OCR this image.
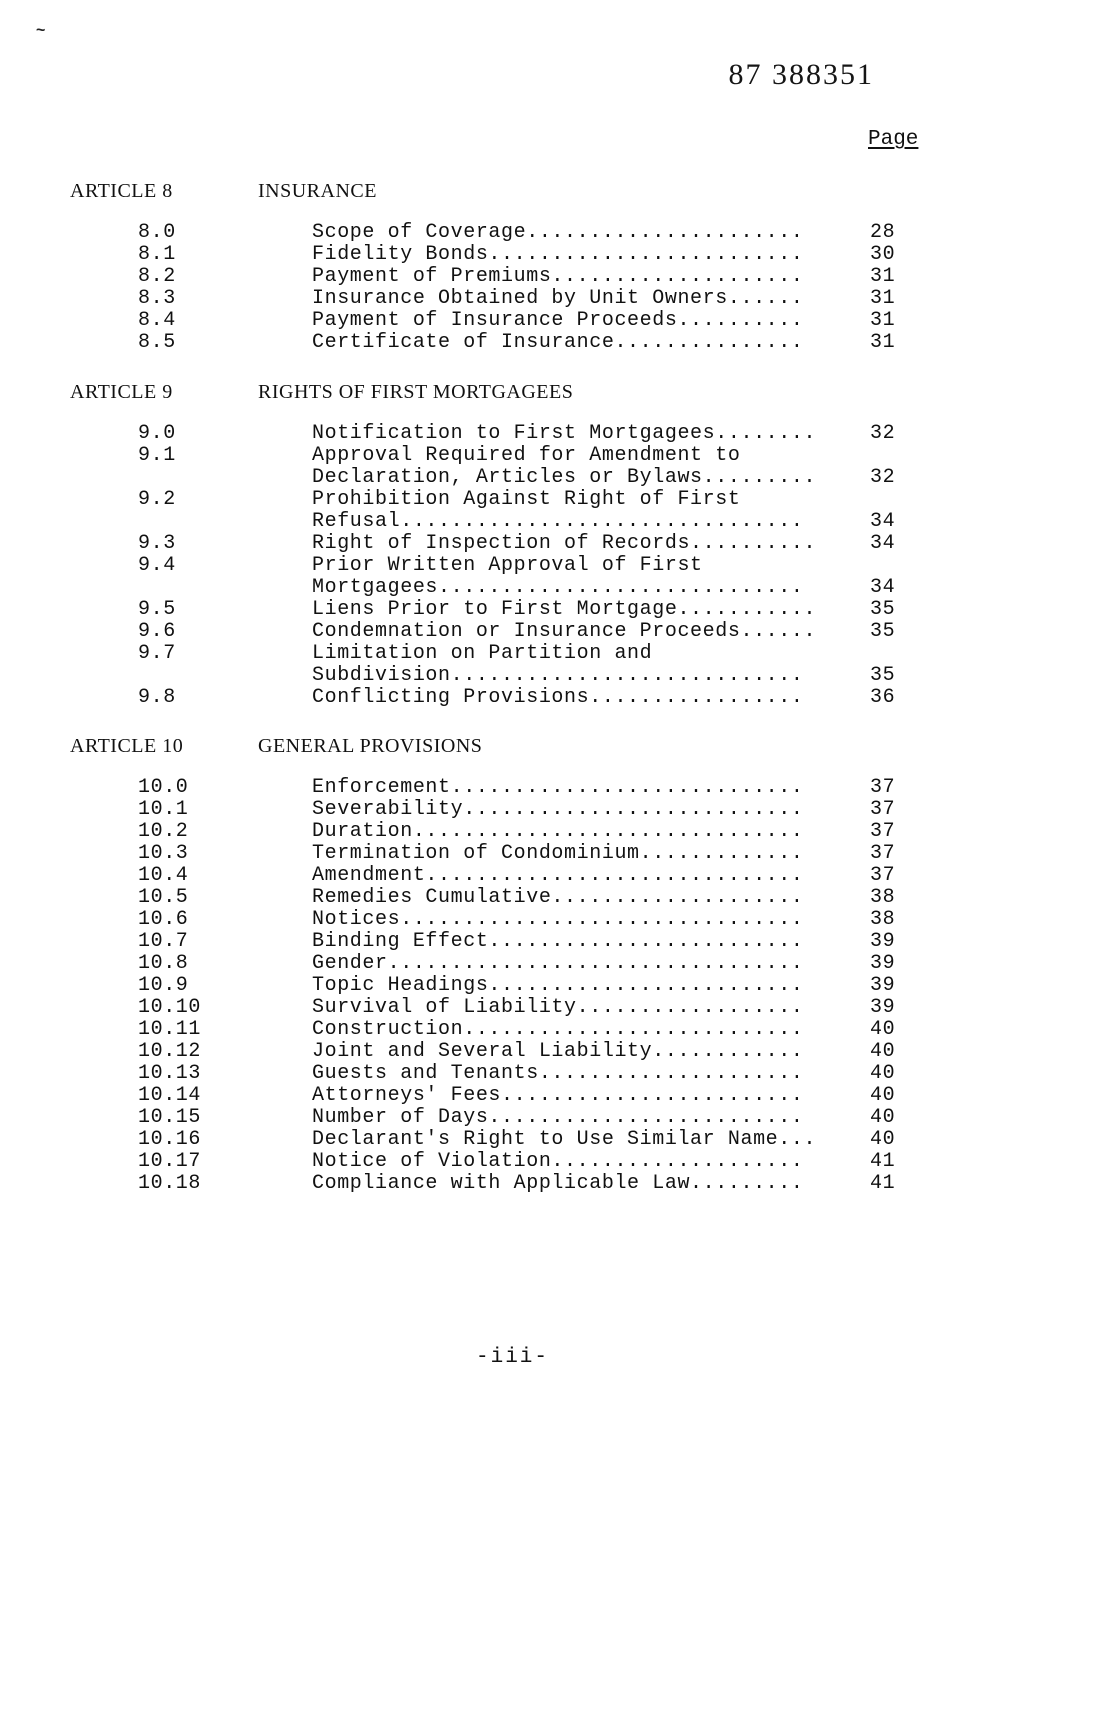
~
87 388351
Page
ARTICLE 8	INSURANCE
8.0	Scope of Coverage......................	28
8.1	Fidelity Bonds.........................	30
8.2	Payment of Premiums....................	31
8.3	Insurance Obtained by Unit Owners......	31
8.4	Payment of Insurance Proceeds..........	31
8.5	Certificate of Insurance...............	31
ARTICLE 9	RIGHTS OF FIRST MORTGAGEES
9.0	Notification to First Mortgagees........	32
9.1	Approval Required for Amendment to
Declaration, Articles or Bylaws.........	32
9.2	Prohibition Against Right of First
Refusal................................	34
9.3	Right of Inspection of Records..........	34
9.4	Prior Written Approval of First
Mortgagees.............................	34
9.5	Liens Prior to First Mortgage...........	35
9.6	Condemnation or Insurance Proceeds......	35
9.7	Limitation on Partition and
Subdivision............................	35
9.8	Conflicting Provisions.................	36
ARTICLE 10	GENERAL PROVISIONS
10.0	Enforcement............................	37
10.1	Severability...........................	37
10.2	Duration...............................	37
10.3	Termination of Condominium.............	37
10.4	Amendment..............................	37
10.5	Remedies Cumulative....................	38
10.6	Notices................................	38
10.7	Binding Effect.........................	39
10.8	Gender.................................	39
10.9	Topic Headings.........................	39
10.10	Survival of Liability..................	39
10.11	Construction...........................	40
10.12	Joint and Several Liability............	40
10.13	Guests and Tenants.....................	40
10.14	Attorneys' Fees........................	40
10.15	Number of Days.........................	40
10.16	Declarant's Right to Use Similar Name...	40
10.17	Notice of Violation....................	41
10.18	Compliance with Applicable Law.........	41
-iii-
